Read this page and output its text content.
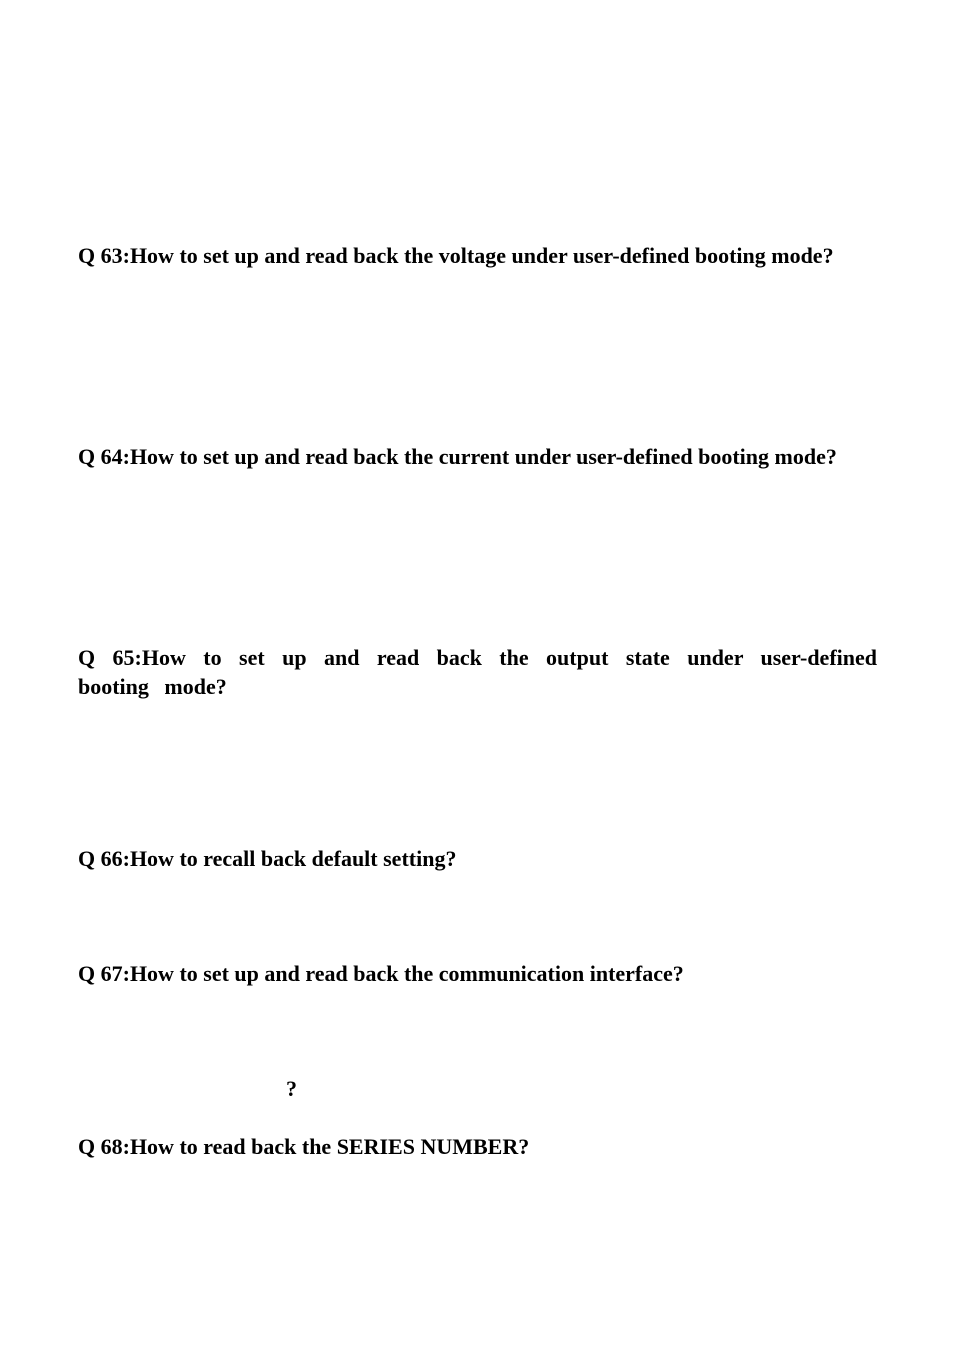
Q 63:How to set up and read back the voltage under user-defined booting mode?

Q 64:How to set up and read back the current under user-defined booting mode?

Q 65:How to set up and read back the output state under user-defined booting mode?

Q 66:How to recall back default setting?

Q 67:How to set up and read back the communication interface?

?

Q 68:How to read back the SERIES NUMBER?
